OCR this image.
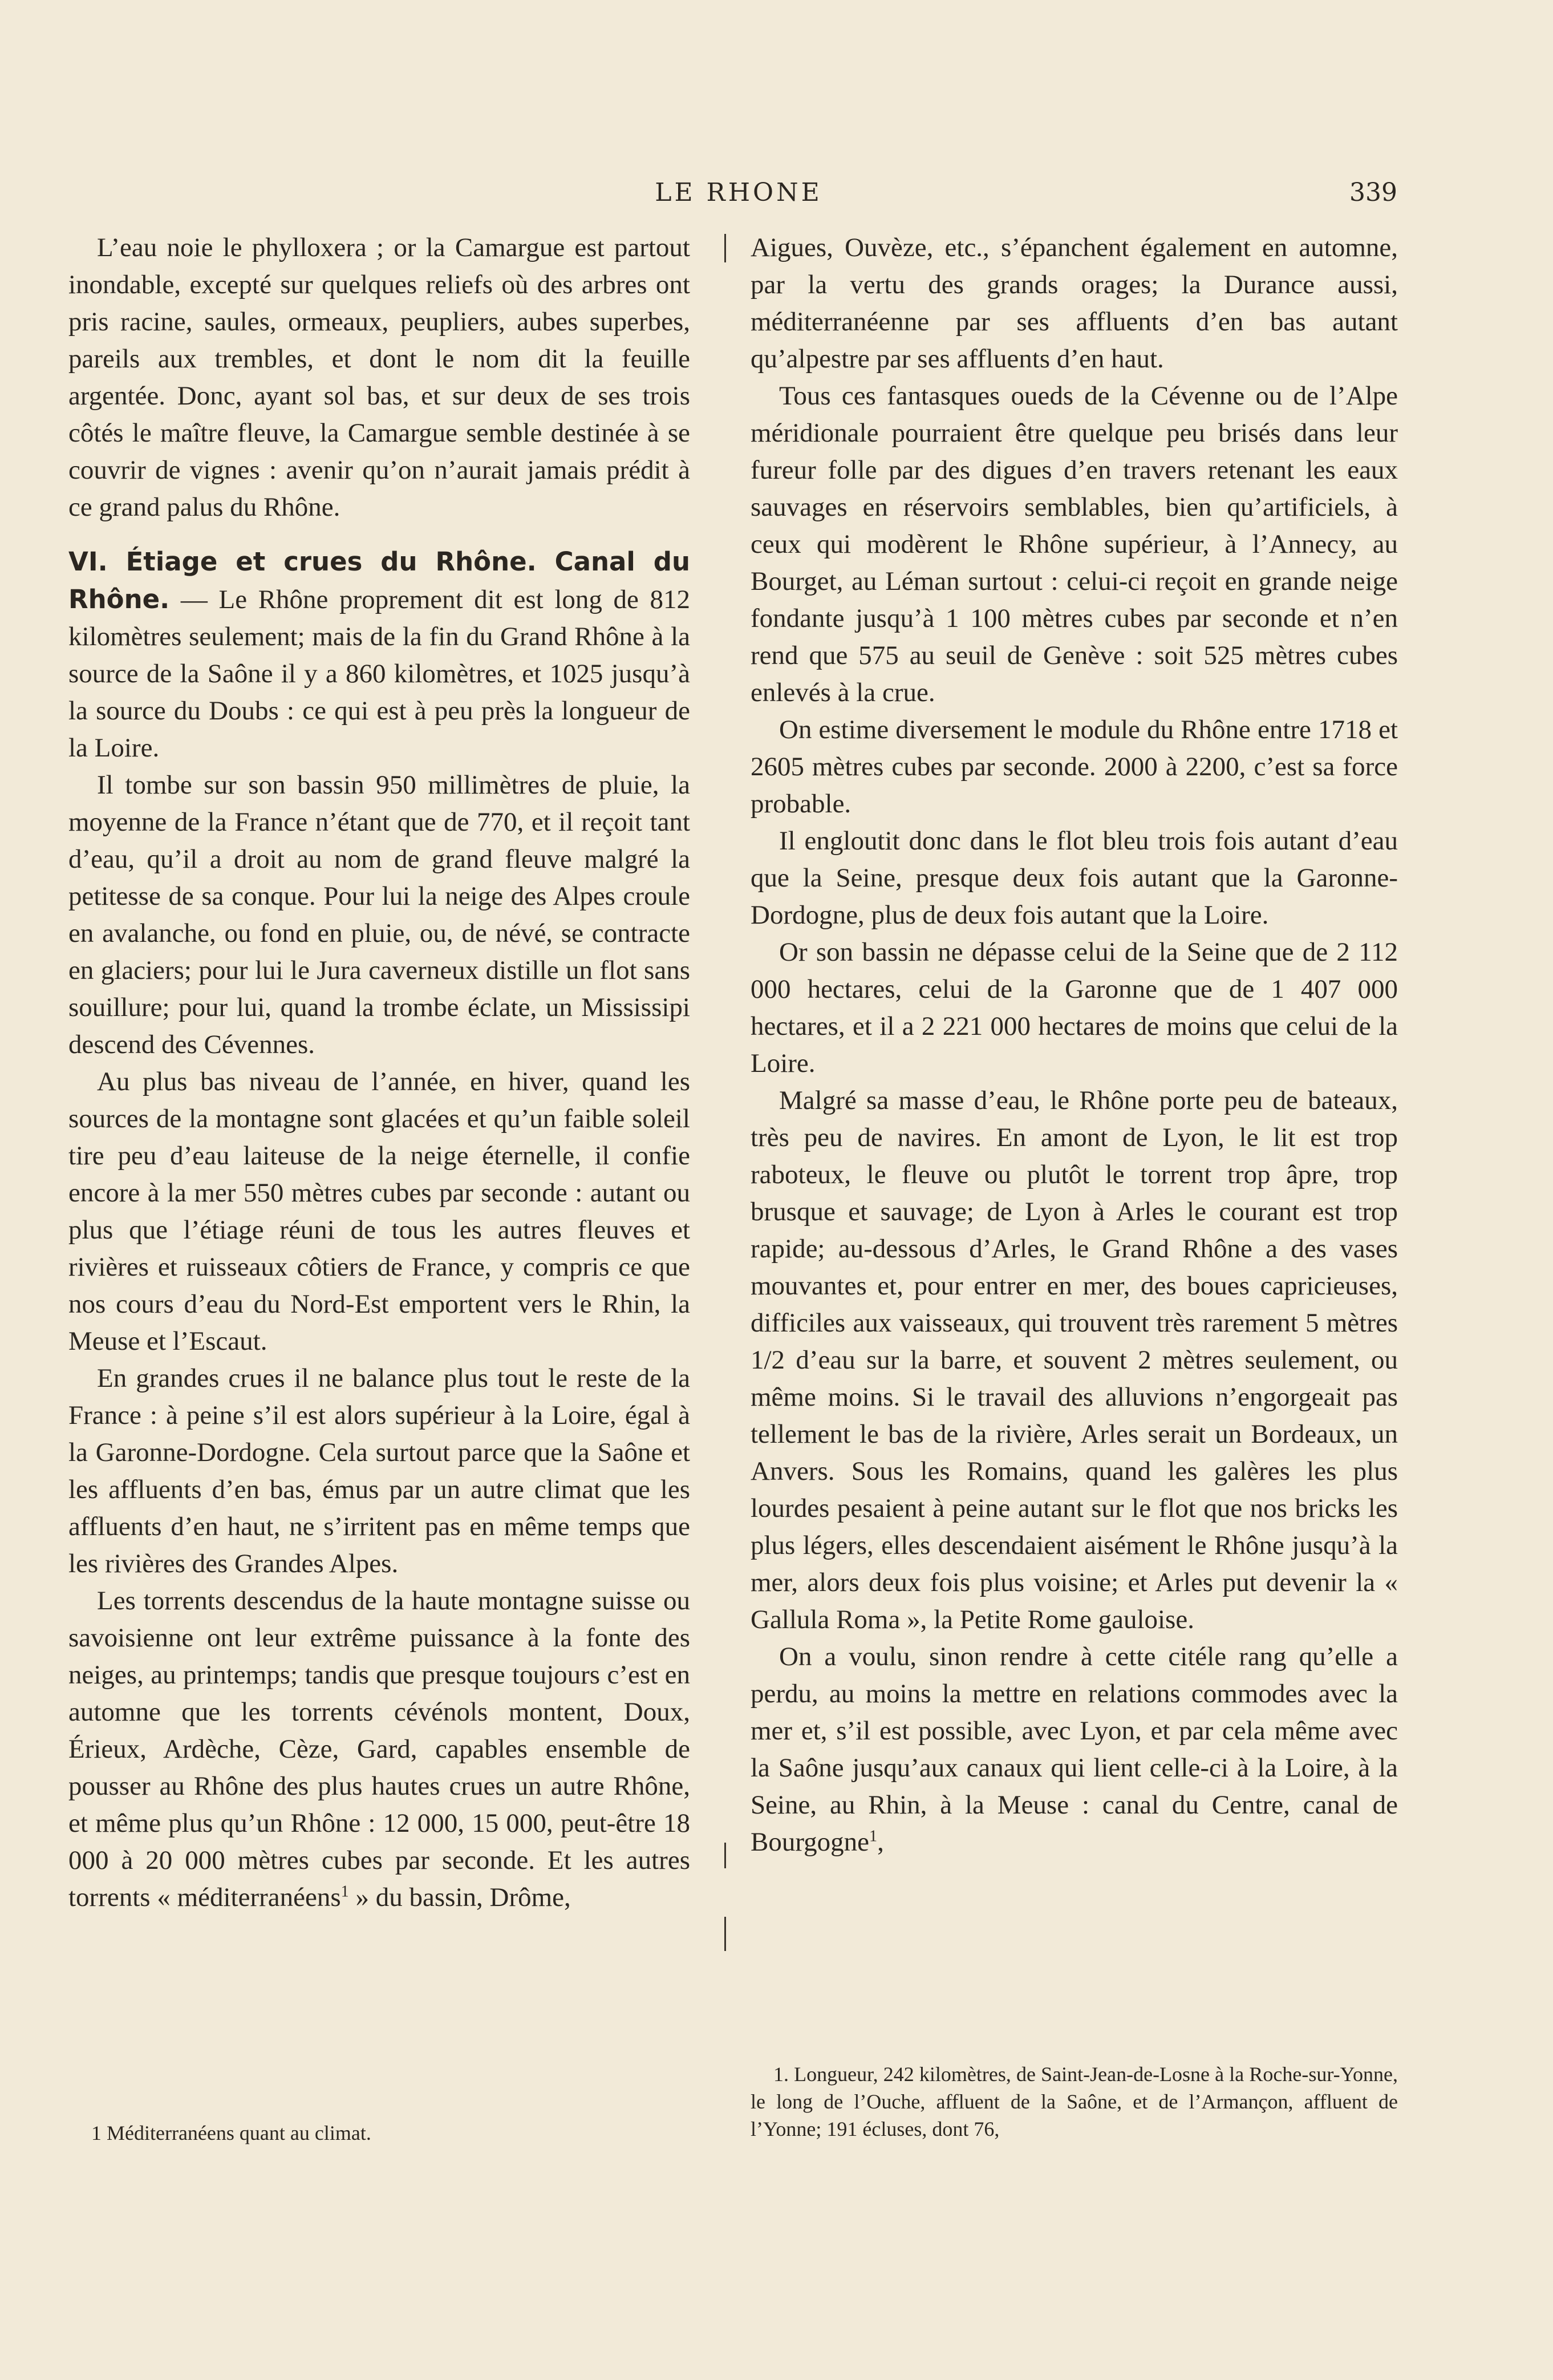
LE RHONE	339

L’eau noie le phylloxera ; or la Camargue est partout inondable, excepté sur quelques reliefs où des arbres ont pris racine, saules, ormeaux, peupliers, aubes superbes, pareils aux trembles, et dont le nom dit la feuille argentée. Donc, ayant sol bas, et sur deux de ses trois côtés le maître fleuve, la Camargue semble destinée à se couvrir de vignes : avenir qu’on n’aurait jamais prédit à ce grand palus du Rhône.

VI. Étiage et crues du Rhône. Canal du Rhône. — Le Rhône proprement dit est long de 812 kilomètres seulement; mais de la fin du Grand Rhône à la source de la Saône il y a 860 kilomètres, et 1025 jusqu’à la source du Doubs : ce qui est à peu près la longueur de la Loire.

Il tombe sur son bassin 950 millimètres de pluie, la moyenne de la France n’étant que de 770, et il reçoit tant d’eau, qu’il a droit au nom de grand fleuve malgré la petitesse de sa conque. Pour lui la neige des Alpes croule en avalanche, ou fond en pluie, ou, de névé, se contracte en glaciers; pour lui le Jura caverneux distille un flot sans souillure; pour lui, quand la trombe éclate, un Mississipi descend des Cévennes.

Au plus bas niveau de l’année, en hiver, quand les sources de la montagne sont glacées et qu’un faible soleil tire peu d’eau laiteuse de la neige éternelle, il confie encore à la mer 550 mètres cubes par seconde : autant ou plus que l’étiage réuni de tous les autres fleuves et rivières et ruisseaux côtiers de France, y compris ce que nos cours d’eau du Nord-Est emportent vers le Rhin, la Meuse et l’Escaut.

En grandes crues il ne balance plus tout le reste de la France : à peine s’il est alors supérieur à la Loire, égal à la Garonne-Dordogne. Cela surtout parce que la Saône et les affluents d’en bas, émus par un autre climat que les affluents d’en haut, ne s’irritent pas en même temps que les rivières des Grandes Alpes.

Les torrents descendus de la haute montagne suisse ou savoisienne ont leur extrême puissance à la fonte des neiges, au printemps; tandis que presque toujours c’est en automne que les torrents cévénols montent, Doux, Érieux, Ardèche, Cèze, Gard, capables ensemble de pousser au Rhône des plus hautes crues un autre Rhône, et même plus qu’un Rhône : 12 000, 15 000, peut-être 18 000 à 20 000 mètres cubes par seconde. Et les autres torrents « méditerranéens$^1$ » du bassin, Drôme,

1 Méditerranéens quant au climat.

Aigues, Ouvèze, etc., s’épanchent également en automne, par la vertu des grands orages; la Durance aussi, méditerranéenne par ses affluents d’en bas autant qu’alpestre par ses affluents d’en haut.

Tous ces fantasques oueds de la Cévenne ou de l’Alpe méridionale pourraient être quelque peu brisés dans leur fureur folle par des digues d’en travers retenant les eaux sauvages en réservoirs semblables, bien qu’artificiels, à ceux qui modèrent le Rhône supérieur, à l’Annecy, au Bourget, au Léman surtout : celui-ci reçoit en grande neige fondante jusqu’à 1 100 mètres cubes par seconde et n’en rend que 575 au seuil de Genève : soit 525 mètres cubes enlevés à la crue.

On estime diversement le module du Rhône entre 1718 et 2605 mètres cubes par seconde. 2000 à 2200, c’est sa force probable.

Il engloutit donc dans le flot bleu trois fois autant d’eau que la Seine, presque deux fois autant que la Garonne-Dordogne, plus de deux fois autant que la Loire.

Or son bassin ne dépasse celui de la Seine que de 2 112 000 hectares, celui de la Garonne que de 1 407 000 hectares, et il a 2 221 000 hectares de moins que celui de la Loire.

Malgré sa masse d’eau, le Rhône porte peu de bateaux, très peu de navires. En amont de Lyon, le lit est trop raboteux, le fleuve ou plutôt le torrent trop âpre, trop brusque et sauvage; de Lyon à Arles le courant est trop rapide; au-dessous d’Arles, le Grand Rhône a des vases mouvantes et, pour entrer en mer, des boues capricieuses, difficiles aux vaisseaux, qui trouvent très rarement 5 mètres 1/2 d’eau sur la barre, et souvent 2 mètres seulement, ou même moins. Si le travail des alluvions n’engorgeait pas tellement le bas de la rivière, Arles serait un Bordeaux, un Anvers. Sous les Romains, quand les galères les plus lourdes pesaient à peine autant sur le flot que nos bricks les plus légers, elles descendaient aisément le Rhône jusqu’à la mer, alors deux fois plus voisine; et Arles put devenir la « Gallula Roma », la Petite Rome gauloise.

On a voulu, sinon rendre à cette citéle rang qu’elle a perdu, au moins la mettre en relations commodes avec la mer et, s’il est possible, avec Lyon, et par cela même avec la Saône jusqu’aux canaux qui lient celle-ci à la Loire, à la Seine, au Rhin, à la Meuse : canal du Centre, canal de Bourgogne$^1$,

1. Longueur, 242 kilomètres, de Saint-Jean-de-Losne à la Roche-sur-Yonne, le long de l’Ouche, affluent de la Saône, et de l’Armançon, affluent de l’Yonne; 191 écluses, dont 76,
